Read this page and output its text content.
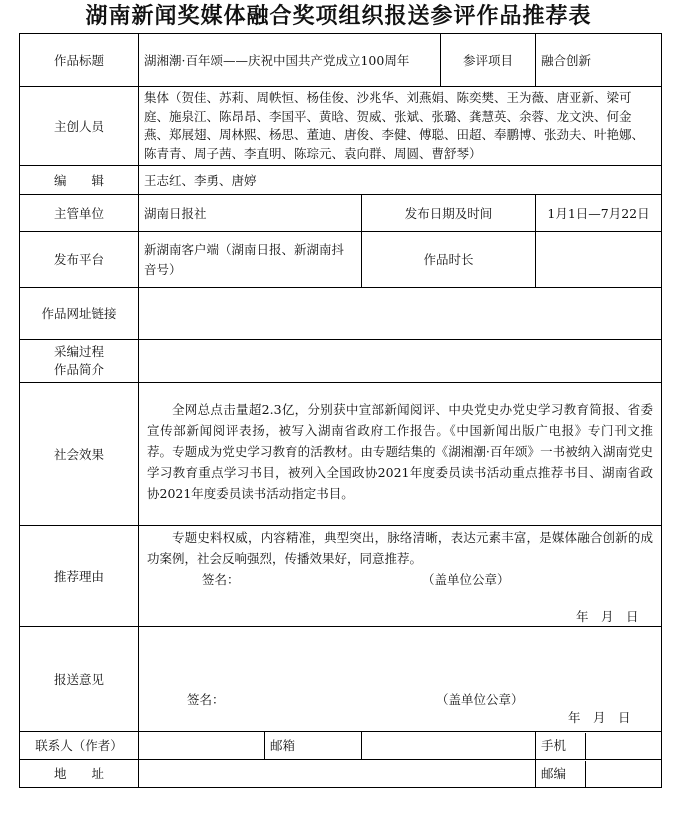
湖南新闻奖媒体融合奖项组织报送参评作品推荐表
作品标题	湖湘潮·百年颂——庆祝中国共产党成立100周年			参评项目	融合创新
主创人员	集体（贺佳、苏莉、周帙恒、杨佳俊、沙兆华、刘燕娟、陈奕樊、王为薇、唐亚新、梁可庭、施泉江、陈昂昂、李国平、黄晗、贺威、张斌、张璐、龚慧英、余蓉、龙文泱、何金燕、郑展翅、周林熙、杨思、董迪、唐俊、李健、傅聪、田超、奉鹏博、张劲夫、叶艳娜、陈青青、周子茜、李直明、陈琮元、袁向群、周圆、曹舒琴）				
编　　辑	王志红、李勇、唐婷				
主管单位	湖南日报社		发布日期及时间		1月1日—7月22日
发布平台	新湖南客户端（湖南日报、新湖南抖音号）		作品时长		
作品网址链接					

采编过程
作品简介					

社会效果	全网总点击量超2.3亿，分别获中宣部新闻阅评、中央党史办党史学习教育简报、省委宣传部新闻阅评表扬，被写入湖南省政府工作报告。《中国新闻出版广电报》专门刊文推荐。专题成为党史学习教育的活教材。由专题结集的《湖湘潮·百年颂》一书被纳入湖南党史学习教育重点学习书目，被列入全国政协2021年度委员读书活动重点推荐书目、湖南省政协2021年度委员读书活动指定书目。				
推荐理由	专题史料权威，内容精准，典型突出，脉络清晰，表达元素丰富，是媒体融合创新的成功案例，社会反响强烈，传播效果好，同意推荐。
签名： （盖单位公章）
年　月　日				

报送意见	签名： （盖单位公章）
年　月　日				

联系人（作者）		邮箱			手机

地　　址					邮编
